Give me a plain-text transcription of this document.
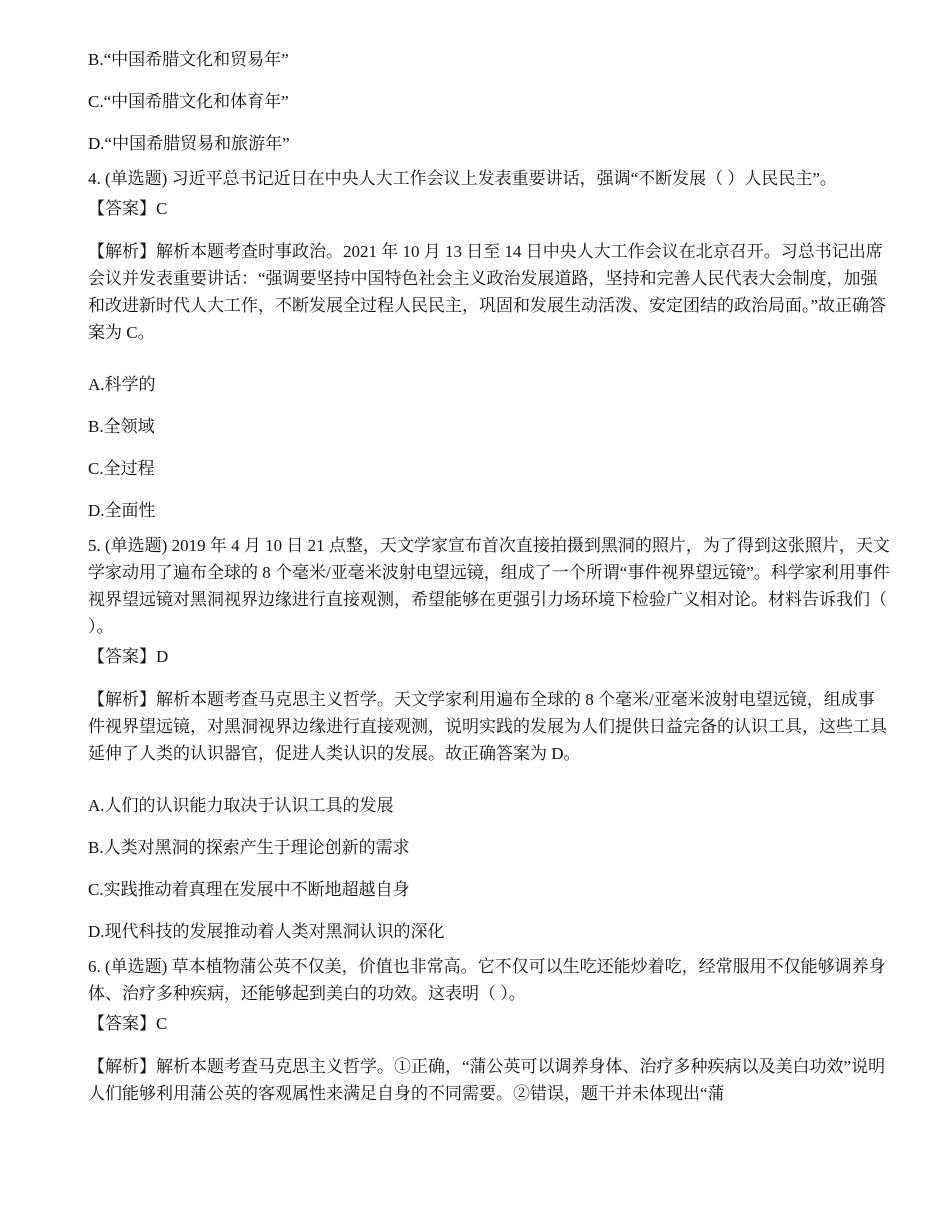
B.“中国希腊文化和贸易年”

C.“中国希腊文化和体育年”

D.“中国希腊贸易和旅游年”

4. (单选题) 习近平总书记近日在中央人大工作会议上发表重要讲话，强调“不断发展（ ）人民民主”。

【答案】C

【解析】解析本题考查时事政治。2021 年 10 月 13 日至 14 日中央人大工作会议在北京召开。习总书记出席会议并发表重要讲话：“强调要坚持中国特色社会主义政治发展道路，坚持和完善人民代表大会制度，加强和改进新时代人大工作，不断发展全过程人民民主，巩固和发展生动活泼、安定团结的政治局面。”故正确答案为 C。

A.科学的

B.全领域

C.全过程

D.全面性

5. (单选题) 2019 年 4 月 10 日 21 点整，天文学家宣布首次直接拍摄到黑洞的照片，为了得到这张照片，天文学家动用了遍布全球的 8 个毫米/亚毫米波射电望远镜，组成了一个所谓“事件视界望远镜”。科学家利用事件视界望远镜对黑洞视界边缘进行直接观测，希望能够在更强引力场环境下检验广义相对论。材料告诉我们（ ）。

【答案】D

【解析】解析本题考查马克思主义哲学。天文学家利用遍布全球的 8 个毫米/亚毫米波射电望远镜，组成事件视界望远镜，对黑洞视界边缘进行直接观测，说明实践的发展为人们提供日益完备的认识工具，这些工具延伸了人类的认识器官，促进人类认识的发展。故正确答案为 D。

A.人们的认识能力取决于认识工具的发展

B.人类对黑洞的探索产生于理论创新的需求

C.实践推动着真理在发展中不断地超越自身

D.现代科技的发展推动着人类对黑洞认识的深化

6. (单选题) 草本植物蒲公英不仅美，价值也非常高。它不仅可以生吃还能炒着吃，经常服用不仅能够调养身体、治疗多种疾病，还能够起到美白的功效。这表明（ ）。

【答案】C

【解析】解析本题考查马克思主义哲学。①正确，“蒲公英可以调养身体、治疗多种疾病以及美白功效”说明人们能够利用蒲公英的客观属性来满足自身的不同需要。②错误，题干并未体现出“蒲
